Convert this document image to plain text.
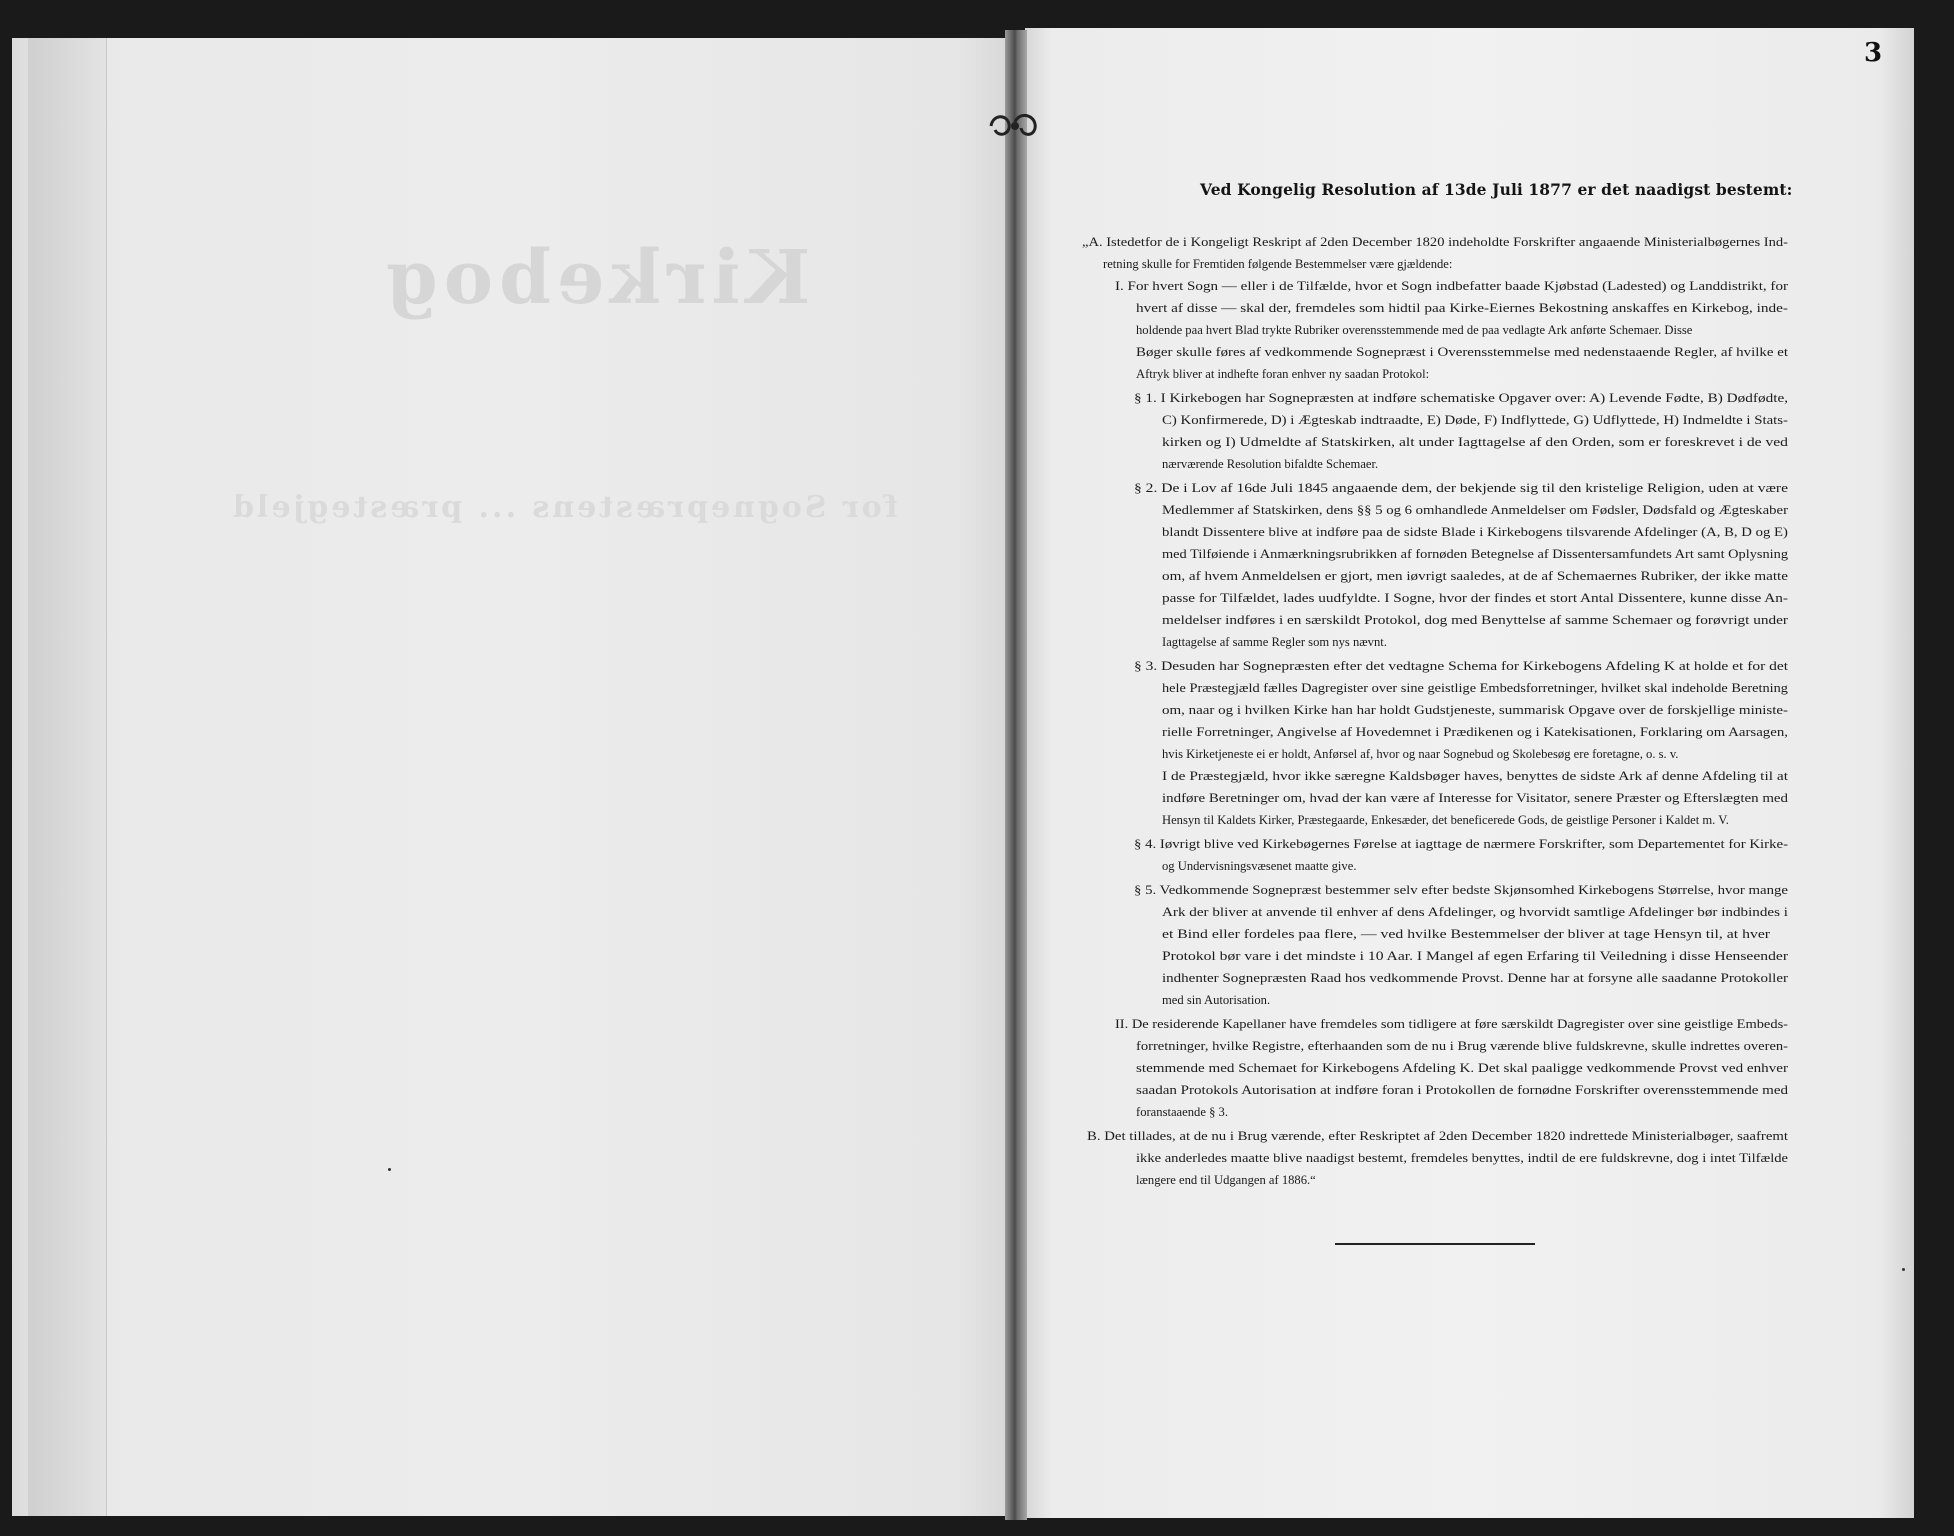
Kirkebog
for Sognepræstens ... præstegjeld
3
Ved Kongelig Resolution af 13de Juli 1877 er det naadigst bestemt:
„A. Istedetfor de i Kongeligt Reskript af 2den December 1820 indeholdte Forskrifter angaaende Ministerialbøgernes Ind-
retning skulle for Fremtiden følgende Bestemmelser være gjældende:
I. For hvert Sogn — eller i de Tilfælde, hvor et Sogn indbefatter baade Kjøbstad (Ladested) og Landdistrikt, for
hvert af disse — skal der, fremdeles som hidtil paa Kirke-Eiernes Bekostning anskaffes en Kirkebog, inde-
holdende paa hvert Blad trykte Rubriker overensstemmende med de paa vedlagte Ark anførte Schemaer. Disse
Bøger skulle føres af vedkommende Sognepræst i Overensstemmelse med nedenstaaende Regler, af hvilke et
Aftryk bliver at indhefte foran enhver ny saadan Protokol:
§ 1. I Kirkebogen har Sognepræsten at indføre schematiske Opgaver over: A) Levende Fødte, B) Dødfødte,
C) Konfirmerede, D) i Ægteskab indtraadte, E) Døde, F) Indflyttede, G) Udflyttede, H) Indmeldte i Stats-
kirken og I) Udmeldte af Statskirken, alt under Iagttagelse af den Orden, som er foreskrevet i de ved
nærværende Resolution bifaldte Schemaer.
§ 2. De i Lov af 16de Juli 1845 angaaende dem, der bekjende sig til den kristelige Religion, uden at være
Medlemmer af Statskirken, dens §§ 5 og 6 omhandlede Anmeldelser om Fødsler, Dødsfald og Ægteskaber
blandt Dissentere blive at indføre paa de sidste Blade i Kirkebogens tilsvarende Afdelinger (A, B, D og E)
med Tilføiende i Anmærkningsrubrikken af fornøden Betegnelse af Dissentersamfundets Art samt Oplysning
om, af hvem Anmeldelsen er gjort, men iøvrigt saaledes, at de af Schemaernes Rubriker, der ikke matte
passe for Tilfældet, lades uudfyldte. I Sogne, hvor der findes et stort Antal Dissentere, kunne disse An-
meldelser indføres i en særskildt Protokol, dog med Benyttelse af samme Schemaer og forøvrigt under
Iagttagelse af samme Regler som nys nævnt.
§ 3. Desuden har Sognepræsten efter det vedtagne Schema for Kirkebogens Afdeling K at holde et for det
hele Præstegjæld fælles Dagregister over sine geistlige Embedsforretninger, hvilket skal indeholde Beretning
om, naar og i hvilken Kirke han har holdt Gudstjeneste, summarisk Opgave over de forskjellige ministe-
rielle Forretninger, Angivelse af Hovedemnet i Prædikenen og i Katekisationen, Forklaring om Aarsagen,
hvis Kirketjeneste ei er holdt, Anførsel af, hvor og naar Sognebud og Skolebesøg ere foretagne, o. s. v.
I de Præstegjæld, hvor ikke særegne Kaldsbøger haves, benyttes de sidste Ark af denne Afdeling til at
indføre Beretninger om, hvad der kan være af Interesse for Visitator, senere Præster og Efterslægten med
Hensyn til Kaldets Kirker, Præstegaarde, Enkesæder, det beneficerede Gods, de geistlige Personer i Kaldet m. V.
§ 4. Iøvrigt blive ved Kirkebøgernes Førelse at iagttage de nærmere Forskrifter, som Departementet for Kirke-
og Undervisningsvæsenet maatte give.
§ 5. Vedkommende Sognepræst bestemmer selv efter bedste Skjønsomhed Kirkebogens Størrelse, hvor mange
Ark der bliver at anvende til enhver af dens Afdelinger, og hvorvidt samtlige Afdelinger bør indbindes i
et Bind eller fordeles paa flere, — ved hvilke Bestemmelser der bliver at tage Hensyn til, at hver
Protokol bør vare i det mindste i 10 Aar. I Mangel af egen Erfaring til Veiledning i disse Henseender
indhenter Sognepræsten Raad hos vedkommende Provst. Denne har at forsyne alle saadanne Protokoller
med sin Autorisation.
II. De residerende Kapellaner have fremdeles som tidligere at føre særskildt Dagregister over sine geistlige Embeds-
forretninger, hvilke Registre, efterhaanden som de nu i Brug værende blive fuldskrevne, skulle indrettes overen-
stemmende med Schemaet for Kirkebogens Afdeling K. Det skal paaligge vedkommende Provst ved enhver
saadan Protokols Autorisation at indføre foran i Protokollen de fornødne Forskrifter overensstemmende med
foranstaaende § 3.
B. Det tillades, at de nu i Brug værende, efter Reskriptet af 2den December 1820 indrettede Ministerialbøger, saafremt
ikke anderledes maatte blive naadigst bestemt, fremdeles benyttes, indtil de ere fuldskrevne, dog i intet Tilfælde
længere end til Udgangen af 1886.“
